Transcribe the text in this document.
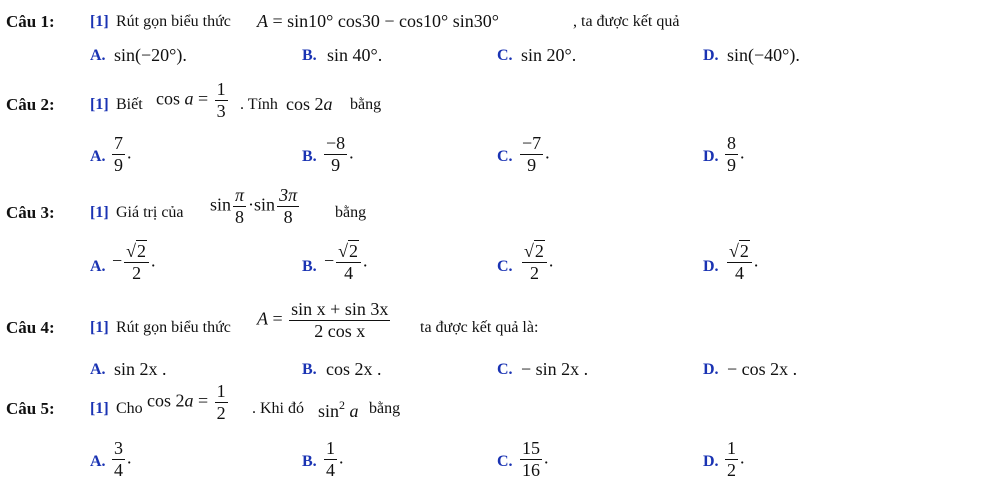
Câu 1: [1] Rút gọn biểu thức A = sin10° cos30 − cos10° sin30°	, ta được kết quả
A. sin(−20°).	B. sin 40°.	C. sin 20°.	D. sin(−40°).
Câu 2: [1] Biết $\cos a = \frac{1}{3}$ . Tính cos 2a bằng
A. $\frac{7}{9}$ .	B. $\frac{-8}{9}$ .	C. $\frac{-7}{9}$ .	D. $\frac{8}{9}$ .
Câu 3: [1] Giá trị của $\sin \frac{\pi}{8} \cdot\sin \frac{3\pi}{8}$ bằng
A. − $\frac{√2}{2}$ .	B. − $\frac{√2}{4}$ .	C. $\frac{√2}{2}$ .	D. $\frac{√2}{4}$ .
Câu 4: [1] Rút gọn biểu thức $A = \frac{\text{sin x + sin 3x}}{\text{2 cos x}}$ ta được kết quả là:
A. sin 2x .	B. cos 2x .	C. − sin 2x .	D. − cos 2x .
Câu 5: [1] Cho $\cos 2a = \frac{1}{2}$ . Khi đó $\sin^2 a$ bằng
A. $\frac{3}{4}$ .	B. $\frac{1}{4}$ .	C. $\frac{15}{16}$ .	D. $\frac{1}{2}$ .
